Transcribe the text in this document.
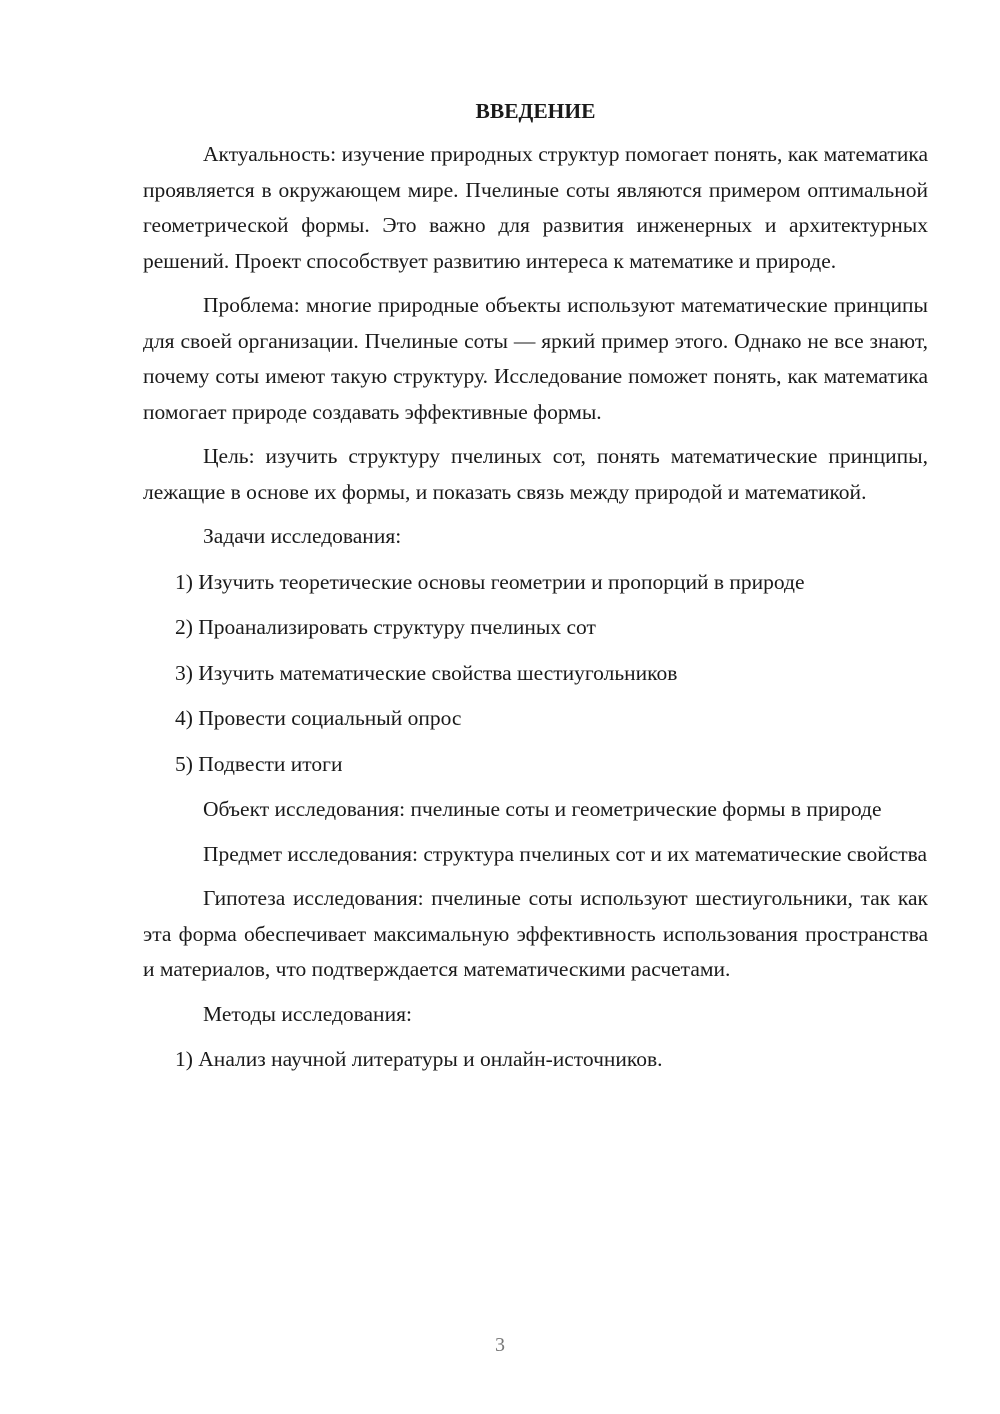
ВВЕДЕНИЕ
Актуальность: изучение природных структур помогает понять, как математика проявляется в окружающем мире. Пчелиные соты являются примером оптимальной геометрической формы. Это важно для развития инженерных и архитектурных решений. Проект способствует развитию интереса к математике и природе.
Проблема: многие природные объекты используют математические принципы для своей организации. Пчелиные соты — яркий пример этого. Однако не все знают, почему соты имеют такую структуру. Исследование поможет понять, как математика помогает природе создавать эффективные формы.
Цель: изучить структуру пчелиных сот, понять математические принципы, лежащие в основе их формы, и показать связь между природой и математикой.
Задачи исследования:
1) Изучить теоретические основы геометрии и пропорций в природе
2) Проанализировать структуру пчелиных сот
3) Изучить математические свойства шестиугольников
4) Провести социальный опрос
5) Подвести итоги
Объект исследования: пчелиные соты и геометрические формы в природе
Предмет исследования: структура пчелиных сот и их математические свойства
Гипотеза исследования: пчелиные соты используют шестиугольники, так как эта форма обеспечивает максимальную эффективность использования пространства и материалов, что подтверждается математическими расчетами.
Методы исследования:
1) Анализ научной литературы и онлайн-источников.
3
